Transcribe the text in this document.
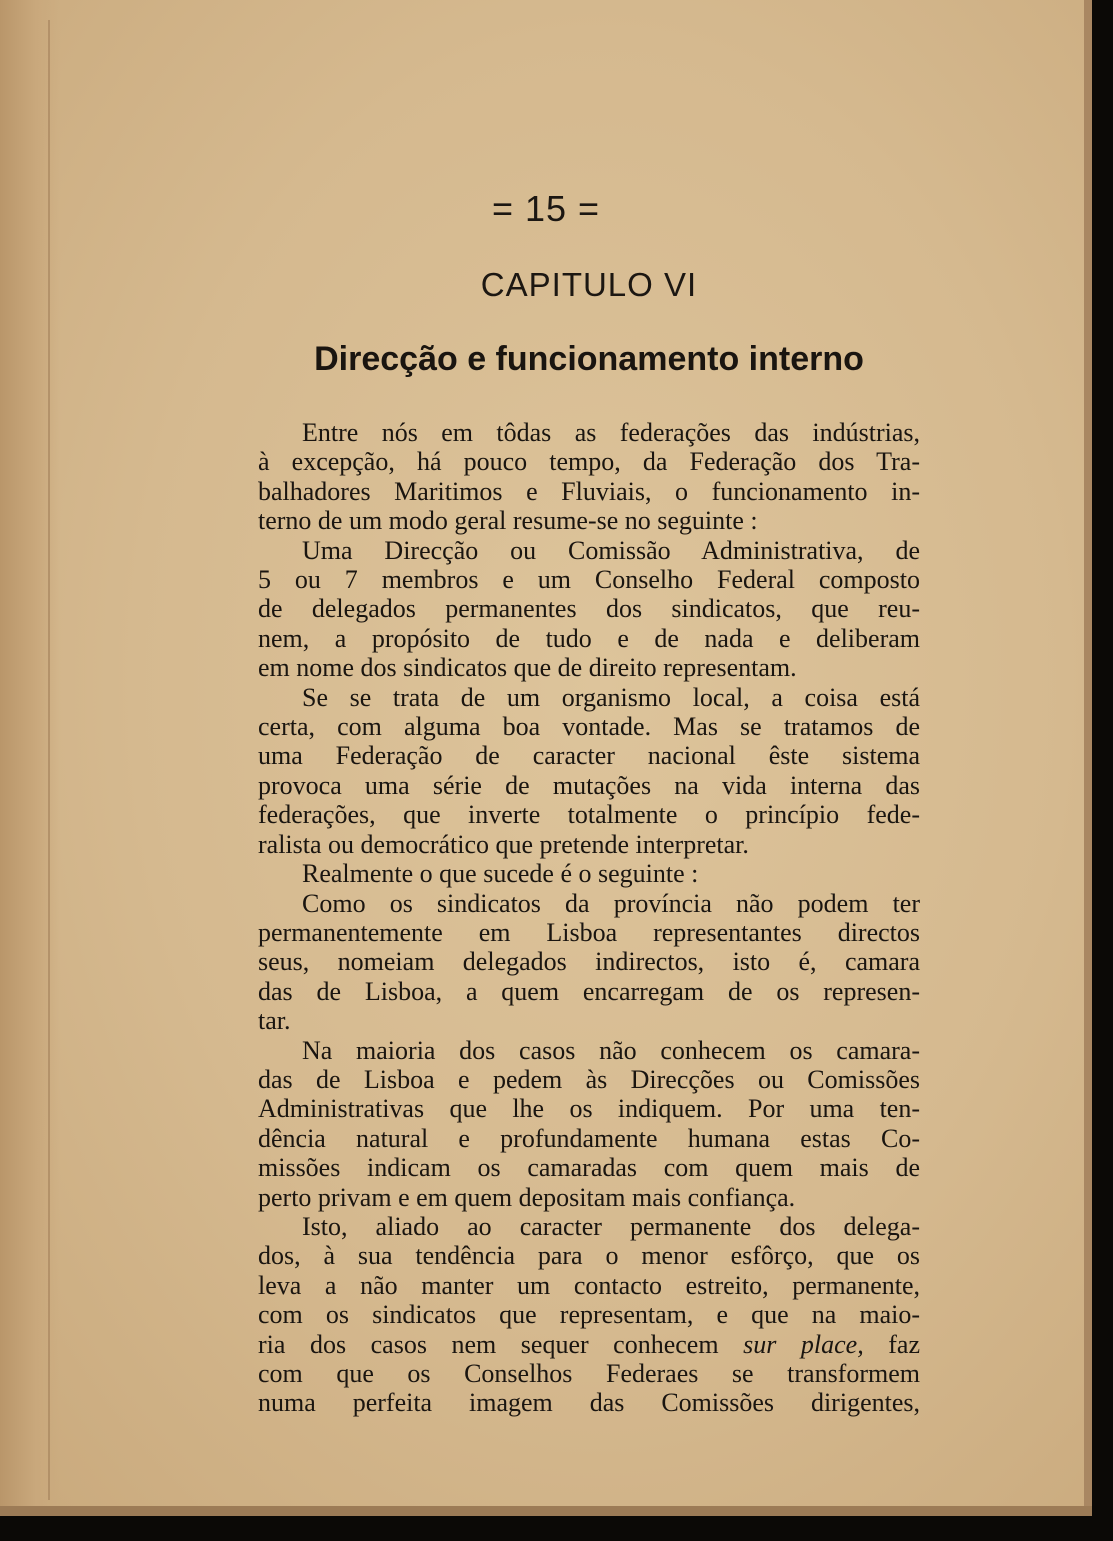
= 15 =
CAPITULO VI
Direcção e funcionamento interno
Entre nós em tôdas as federações das indústrias,
à excepção, há pouco tempo, da Federação dos Tra-
balhadores Maritimos e Fluviais, o funcionamento in-
terno de um modo geral resume-se no seguinte :
Uma Direcção ou Comissão Administrativa, de
5 ou 7 membros e um Conselho Federal composto
de delegados permanentes dos sindicatos, que reu-
nem, a propósito de tudo e de nada e deliberam
em nome dos sindicatos que de direito representam.
Se se trata de um organismo local, a coisa está
certa, com alguma boa vontade. Mas se tratamos de
uma Federação de caracter nacional êste sistema
provoca uma série de mutações na vida interna das
federações, que inverte totalmente o princípio fede-
ralista ou democrático que pretende interpretar.
Realmente o que sucede é o seguinte :
Como os sindicatos da província não podem ter
permanentemente em Lisboa representantes directos
seus, nomeiam delegados indirectos, isto é, camara
das de Lisboa, a quem encarregam de os represen-
tar.
Na maioria dos casos não conhecem os camara-
das de Lisboa e pedem às Direcções ou Comissões
Administrativas que lhe os indiquem. Por uma ten-
dência natural e profundamente humana estas Co-
missões indicam os camaradas com quem mais de
perto privam e em quem depositam mais confiança.
Isto, aliado ao caracter permanente dos delega-
dos, à sua tendência para o menor esfôrço, que os
leva a não manter um contacto estreito, permanente,
com os sindicatos que representam, e que na maio-
ria dos casos nem sequer conhecem sur place, faz
com que os Conselhos Federaes se transformem
numa perfeita imagem das Comissões dirigentes,
